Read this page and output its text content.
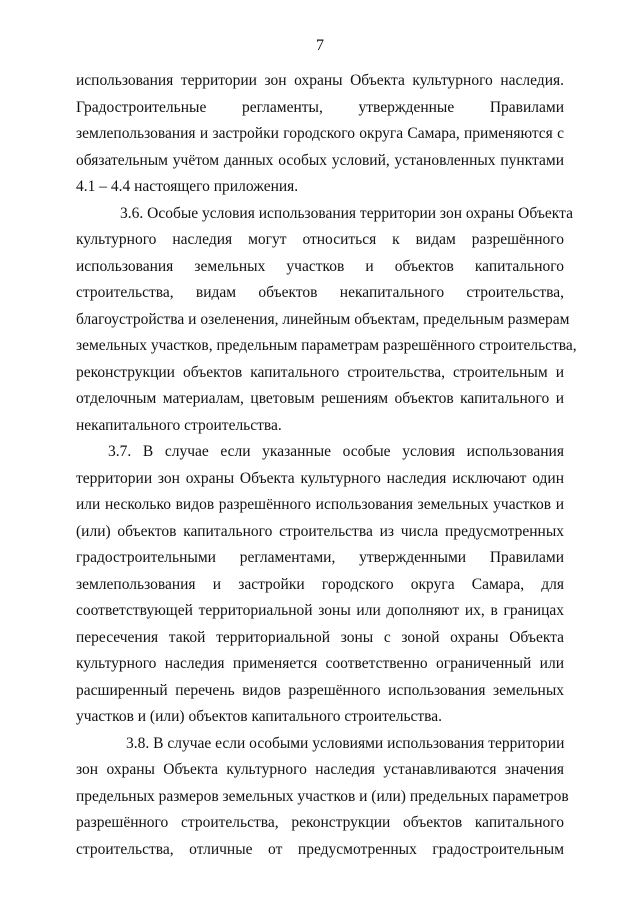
7
использования территории зон охраны Объекта культурного наследия.
Градостроительные регламенты, утвержденные Правилами
землепользования и застройки городского округа Самара, применяются с
обязательным учётом данных особых условий, установленных пунктами
4.1 – 4.4 настоящего приложения.
3.6. Особые условия использования территории зон охраны Объекта
культурного наследия могут относиться к видам разрешённого
использования земельных участков и объектов капитального
строительства, видам объектов некапитального строительства,
благоустройства и озеленения, линейным объектам, предельным размерам
земельных участков, предельным параметрам разрешённого строительства,
реконструкции объектов капитального строительства, строительным и
отделочным материалам, цветовым решениям объектов капитального и
некапитального строительства.
3.7. В случае если указанные особые условия использования
территории зон охраны Объекта культурного наследия исключают один
или несколько видов разрешённого использования земельных участков и
(или) объектов капитального строительства из числа предусмотренных
градостроительными регламентами, утвержденными Правилами
землепользования и застройки городского округа Самара, для
соответствующей территориальной зоны или дополняют их, в границах
пересечения такой территориальной зоны с зоной охраны Объекта
культурного наследия применяется соответственно ограниченный или
расширенный перечень видов разрешённого использования земельных
участков и (или) объектов капитального строительства.
3.8. В случае если особыми условиями использования территории
зон охраны Объекта культурного наследия устанавливаются значения
предельных размеров земельных участков и (или) предельных параметров
разрешённого строительства, реконструкции объектов капитального
строительства, отличные от предусмотренных градостроительным
